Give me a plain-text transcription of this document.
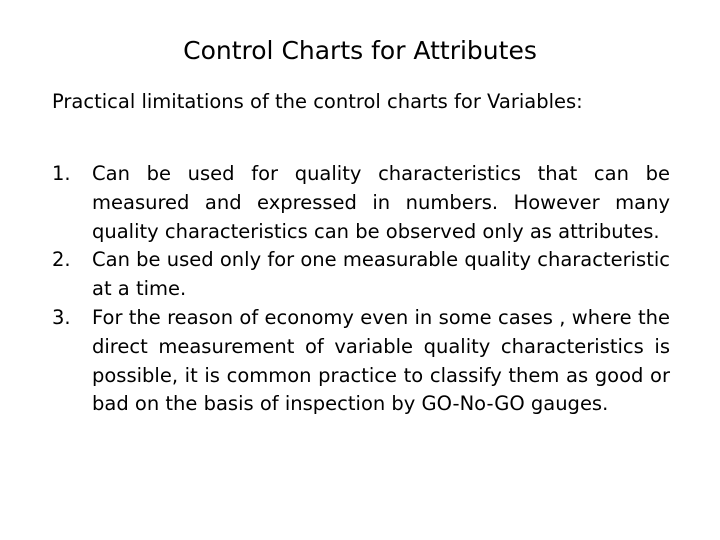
Control Charts for Attributes

Practical limitations of the control charts for Variables:

1. Can be used for quality characteristics that can be measured and expressed in numbers. However many quality characteristics can be observed only as attributes.
2. Can be used only for one measurable quality characteristic at a time.
3. For the reason of economy even in some cases , where the direct measurement of variable quality characteristics is possible, it is common practice to classify them as good or bad on the basis of inspection by GO-No-GO gauges.
